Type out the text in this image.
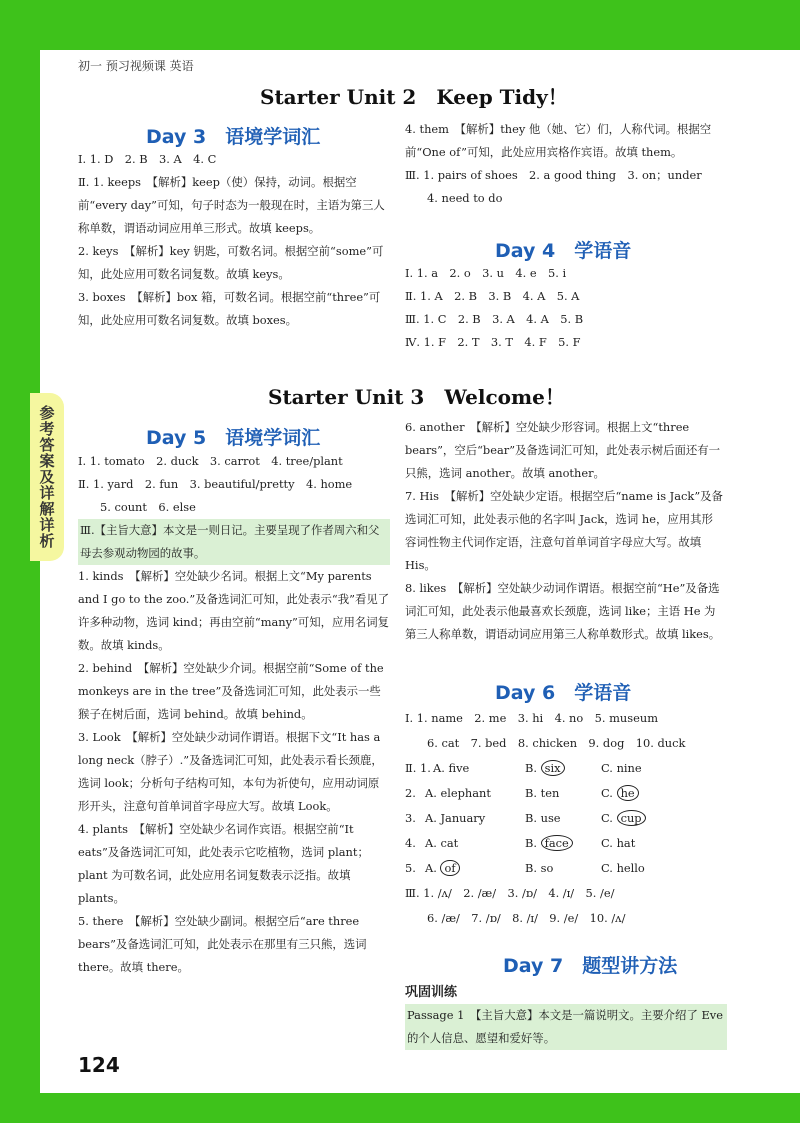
参考答案及详解详析
初一 预习视频课 英语
Starter Unit 2　Keep Tidy！
Day 3　语境学词汇

Ⅰ. 1. D　2. B　3. A　4. C

Ⅱ. 1. keeps　【解析】keep（使）保持，动词。根据空前“every day”可知，句子时态为一般现在时，主语为第三人称单数，谓语动词应用单三形式。故填 keeps。

2. keys　【解析】key 钥匙，可数名词。根据空前“some”可知，此处应用可数名词复数。故填 keys。

3. boxes　【解析】box 箱，可数名词。根据空前“three”可知，此处应用可数名词复数。故填 boxes。

4. them　【解析】they 他（她、它）们，人称代词。根据空前“One of”可知，此处应用宾格作宾语。故填 them。

Ⅲ. 1. pairs of shoes　2. a good thing　3. on；under

4. need to do

Day 4　学语音

Ⅰ. 1. a　2. o　3. u　4. e　5. i

Ⅱ. 1. A　2. B　3. B　4. A　5. A

Ⅲ. 1. C　2. B　3. A　4. A　5. B

Ⅳ. 1. F　2. T　3. T　4. F　5. F

Starter Unit 3　Welcome！
Day 5　语境学词汇

Ⅰ. 1. tomato　2. duck　3. carrot　4. tree/plant

Ⅱ. 1. yard　2. fun　3. beautiful/pretty　4. home

5. count　6. else

Ⅲ.【主旨大意】本文是一则日记。主要呈现了作者周六和父母去参观动物园的故事。

1. kinds　【解析】空处缺少名词。根据上文“My parents and I go to the zoo.”及备选词汇可知，此处表示“我”看见了许多种动物，选词 kind；再由空前“many”可知，应用名词复数。故填 kinds。

2. behind　【解析】空处缺少介词。根据空前“Some of the monkeys are in the tree”及备选词汇可知，此处表示一些猴子在树后面，选词 behind。故填 behind。

3. Look　【解析】空处缺少动词作谓语。根据下文“It has a long neck（脖子）.”及备选词汇可知，此处表示看长颈鹿，选词 look；分析句子结构可知，本句为祈使句，应用动词原形开头，注意句首单词首字母应大写。故填 Look。

4. plants　【解析】空处缺少名词作宾语。根据空前“It eats”及备选词汇可知，此处表示它吃植物，选词 plant；plant 为可数名词，此处应用名词复数表示泛指。故填 plants。

5. there　【解析】空处缺少副词。根据空后“are three bears”及备选词汇可知，此处表示在那里有三只熊，选词 there。故填 there。

6. another　【解析】空处缺少形容词。根据上文“three bears”，空后“bear”及备选词汇可知，此处表示树后面还有一只熊，选词 another。故填 another。

7. His　【解析】空处缺少定语。根据空后“name is Jack”及备选词汇可知，此处表示他的名字叫 Jack，选词 he，应用其形容词性物主代词作定语，注意句首单词首字母应大写。故填 His。

8. likes　【解析】空处缺少动词作谓语。根据空前“He”及备选词汇可知，此处表示他最喜欢长颈鹿，选词 like；主语 He 为第三人称单数，谓语动词应用第三人称单数形式。故填 likes。

Day 6　学语音

Ⅰ. 1. name　2. me　3. hi　4. no　5. museum

6. cat　7. bed　8. chicken　9. dog　10. duck

Ⅱ. 1. A. five	B. six	C. nine
2. A. elephant	B. ten	C. he
3. A. January	B. use	C. cup
4. A. cat	B. face	C. hat
5. A. of	B. so	C. hello

Ⅲ. 1. /ʌ/　2. /æ/　3. /ɒ/　4. /ɪ/　5. /e/

6. /æ/　7. /ɒ/　8. /ɪ/　9. /e/　10. /ʌ/

Day 7　题型讲方法
巩固训练
Passage 1　【主旨大意】本文是一篇说明文。主要介绍了 Eve 的个人信息、愿望和爱好等。
124
